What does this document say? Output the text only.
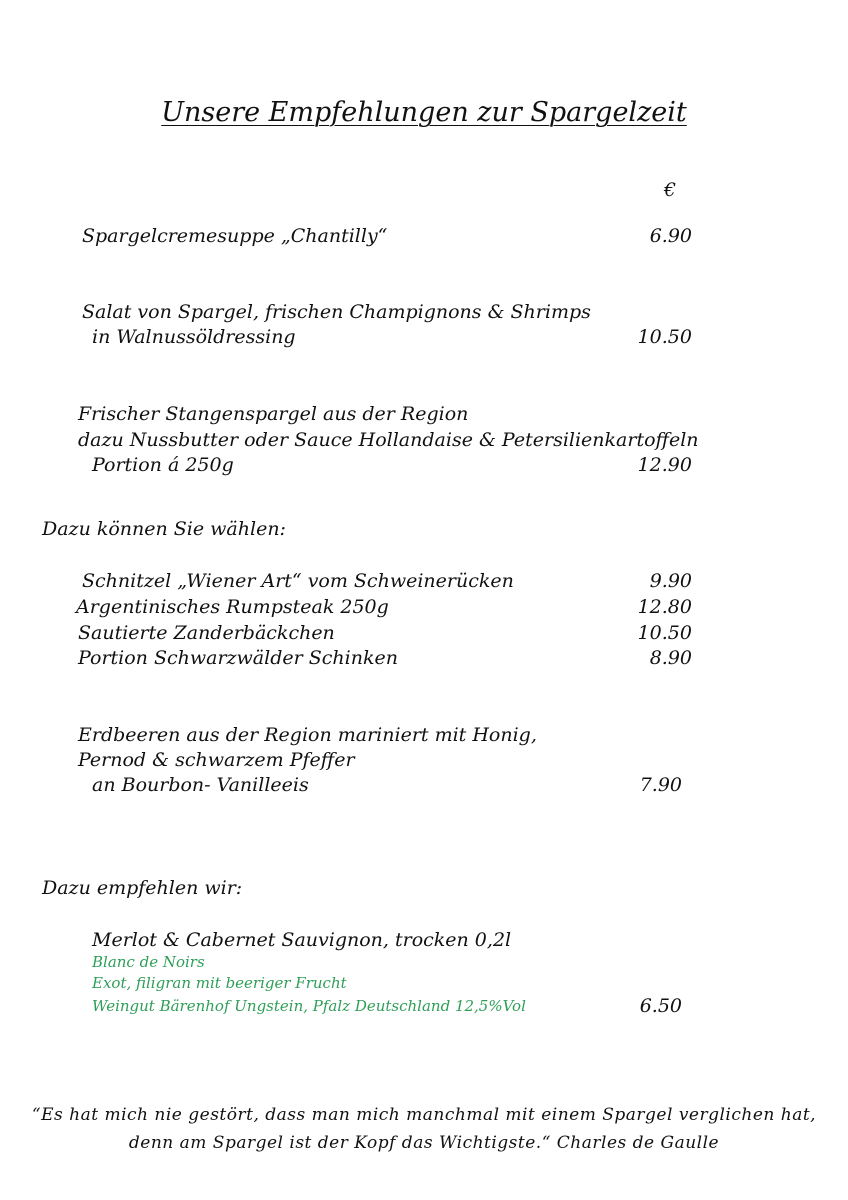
Unsere Empfehlungen zur Spargelzeit
€
Spargelcremesuppe „Chantilly“	6.90
Salat von Spargel, frischen Champignons & Shrimps
in Walnussöldressing	10.50
Frischer Stangenspargel aus der Region
dazu Nussbutter oder Sauce Hollandaise & Petersilienkartoffeln
Portion á 250g	12.90
Dazu können Sie wählen:
Schnitzel „Wiener Art“ vom Schweinerücken	9.90
Argentinisches Rumpsteak 250g	12.80
Sautierte Zanderbäckchen	10.50
Portion Schwarzwälder Schinken	8.90
Erdbeeren aus der Region mariniert mit Honig,
Pernod & schwarzem Pfeffer
an Bourbon- Vanilleeis	7.90
Dazu empfehlen wir:
Merlot & Cabernet Sauvignon, trocken 0,2l
Blanc de Noirs
Exot, filigran mit beeriger Frucht
Weingut Bärenhof Ungstein, Pfalz Deutschland 12,5%Vol	6.50
“Es hat mich nie gestört, dass man mich manchmal mit einem Spargel verglichen hat,
denn am Spargel ist der Kopf das Wichtigste.“ Charles de Gaulle
